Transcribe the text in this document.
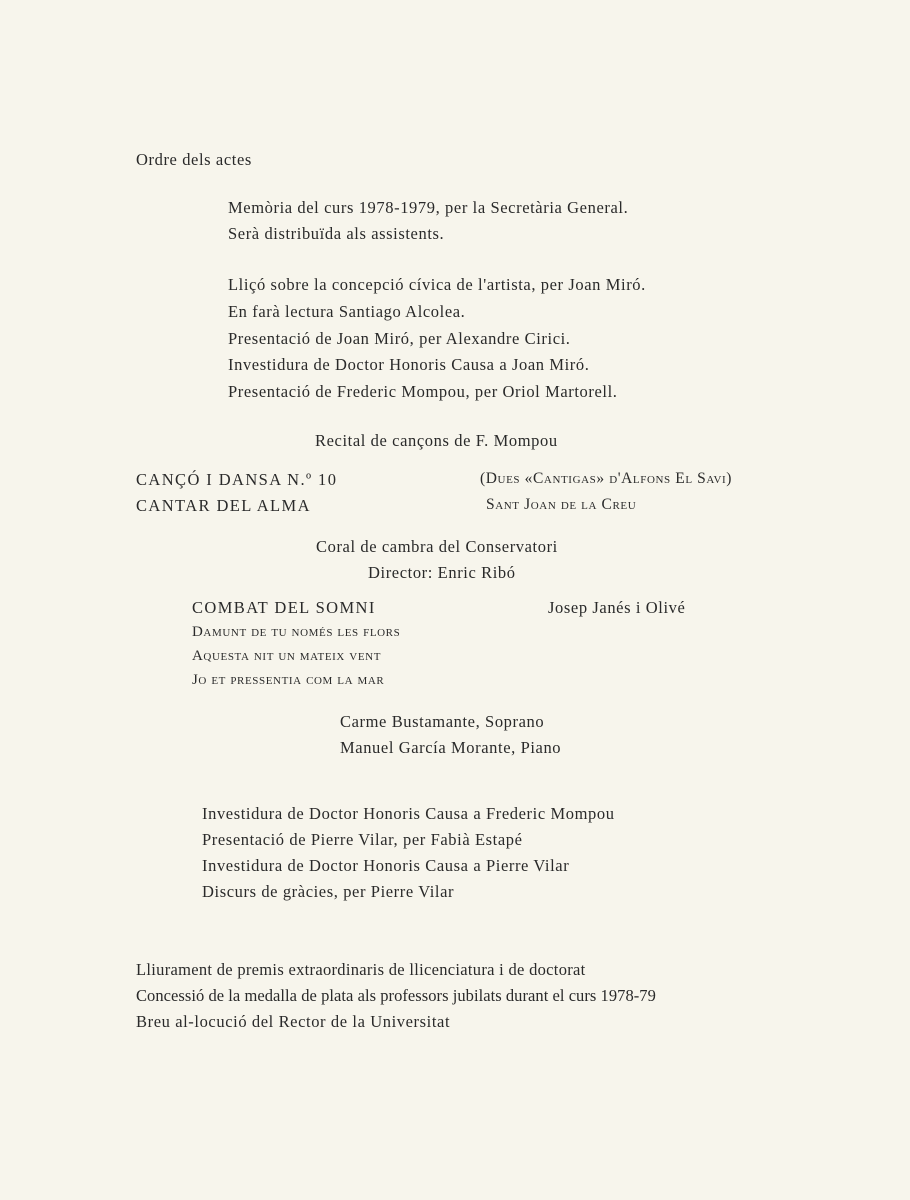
Ordre dels actes
Memòria del curs 1978-1979, per la Secretària General.
Serà distribuïda als assistents.
Lliçó sobre la concepció cívica de l'artista, per Joan Miró.
En farà lectura Santiago Alcolea.
Presentació de Joan Miró, per Alexandre Cirici.
Investidura de Doctor Honoris Causa a Joan Miró.
Presentació de Frederic Mompou, per Oriol Martorell.
Recital de cançons de F. Mompou
CANÇÓ I DANSA N.º 10	(Dues «Cantigas» d'Alfons El Savi)
CANTAR DEL ALMA	Sant Joan de la Creu
Coral de cambra del Conservatori
Director: Enric Ribó
COMBAT DEL SOMNI	Josep Janés i Olivé
Damunt de tu només les flors
Aquesta nit un mateix vent
Jo et pressentia com la mar
Carme Bustamante, Soprano
Manuel García Morante, Piano
Investidura de Doctor Honoris Causa a Frederic Mompou
Presentació de Pierre Vilar, per Fabià Estapé
Investidura de Doctor Honoris Causa a Pierre Vilar
Discurs de gràcies, per Pierre Vilar
Lliurament de premis extraordinaris de llicenciatura i de doctorat
Concessió de la medalla de plata als professors jubilats durant el curs 1978-79
Breu al-locució del Rector de la Universitat
